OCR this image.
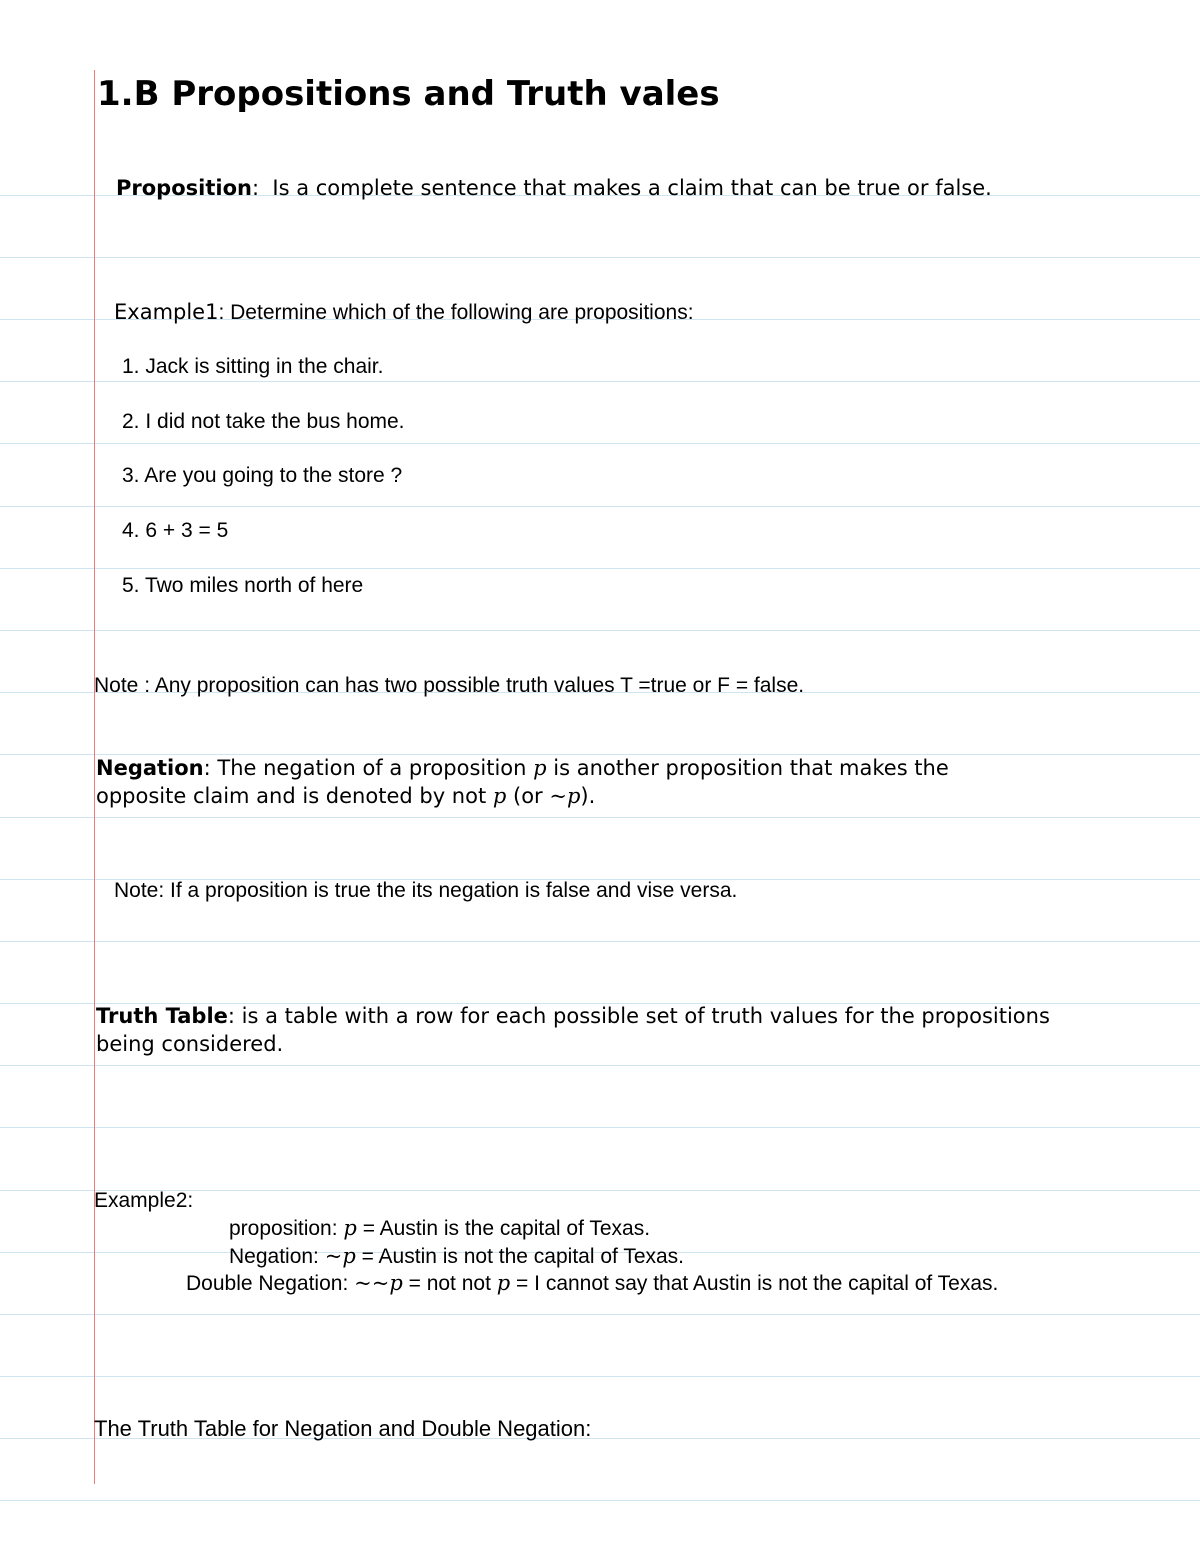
1.B Propositions and Truth vales
Proposition: Is a complete sentence that makes a claim that can be true or false.
Example1: Determine which of the following are propositions:
1. Jack is sitting in the chair.
2. I did not take the bus home.
3. Are you going to the store ?
4. 6 + 3 = 5
5. Two miles north of here
Note : Any proposition can has two possible truth values T =true or F = false.
Negation: The negation of a proposition p is another proposition that makes the
opposite claim and is denoted by not p (or ~p).
Note: If a proposition is true the its negation is false and vise versa.
Truth Table: is a table with a row for each possible set of truth values for the propositions
being considered.
Example2:
proposition: p = Austin is the capital of Texas.
Negation: ~p = Austin is not the capital of Texas.
Double Negation: ~~p = not not p = I cannot say that Austin is not the capital of Texas.
The Truth Table for Negation and Double Negation:
